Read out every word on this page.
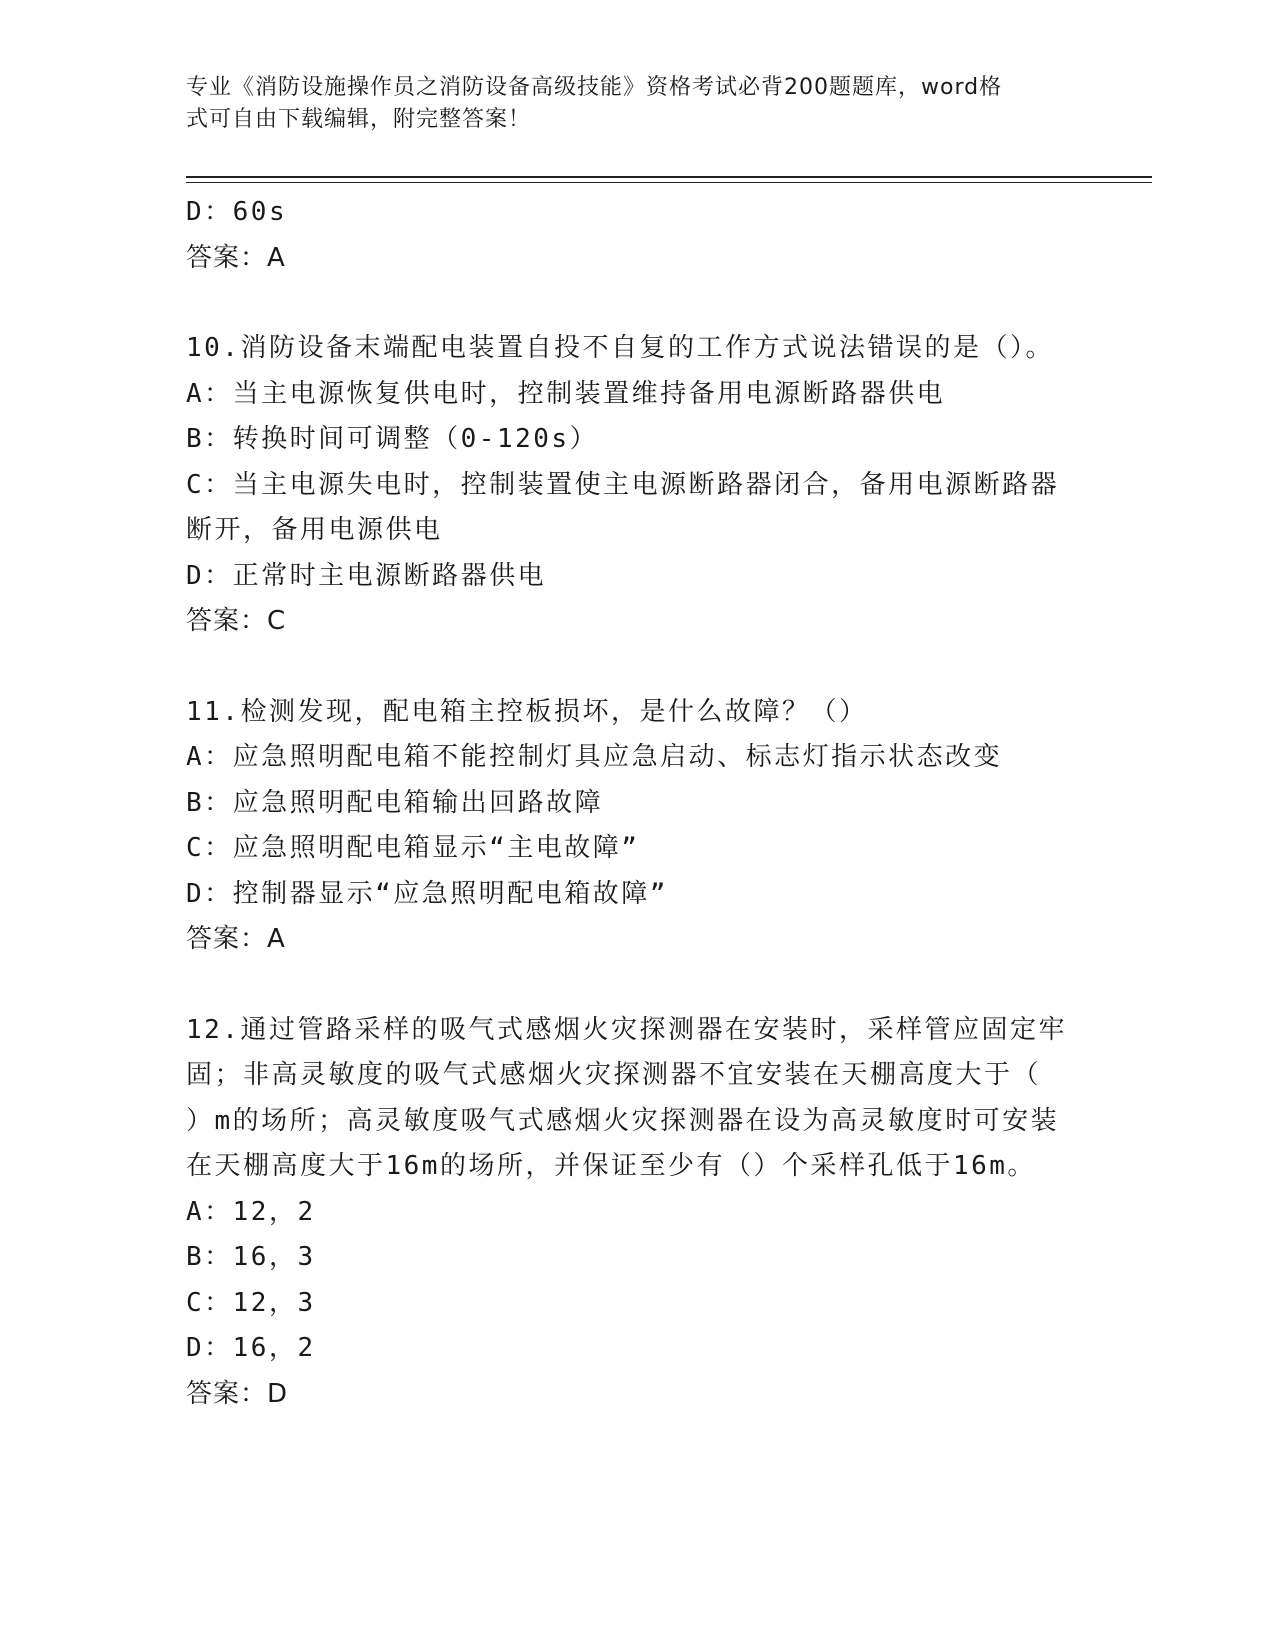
专业《消防设施操作员之消防设备高级技能》资格考试必背200题题库，word格
式可自由下载编辑，附完整答案！
D：60s
答案：A
10.消防设备末端配电装置自投不自复的工作方式说法错误的是（）。
A：当主电源恢复供电时，控制装置维持备用电源断路器供电
B：转换时间可调整（0-120s）
C：当主电源失电时，控制装置使主电源断路器闭合，备用电源断路器
断开，备用电源供电
D：正常时主电源断路器供电
答案：C
11.检测发现，配电箱主控板损坏，是什么故障？（）
A：应急照明配电箱不能控制灯具应急启动、标志灯指示状态改变
B：应急照明配电箱输出回路故障
C：应急照明配电箱显示“主电故障”
D：控制器显示“应急照明配电箱故障”
答案：A
12.通过管路采样的吸气式感烟火灾探测器在安装时，采样管应固定牢
固；非高灵敏度的吸气式感烟火灾探测器不宜安装在天棚高度大于（
）m的场所；高灵敏度吸气式感烟火灾探测器在设为高灵敏度时可安装
在天棚高度大于16m的场所，并保证至少有（）个采样孔低于16m。
A：12，2
B：16，3
C：12，3
D：16，2
答案：D
